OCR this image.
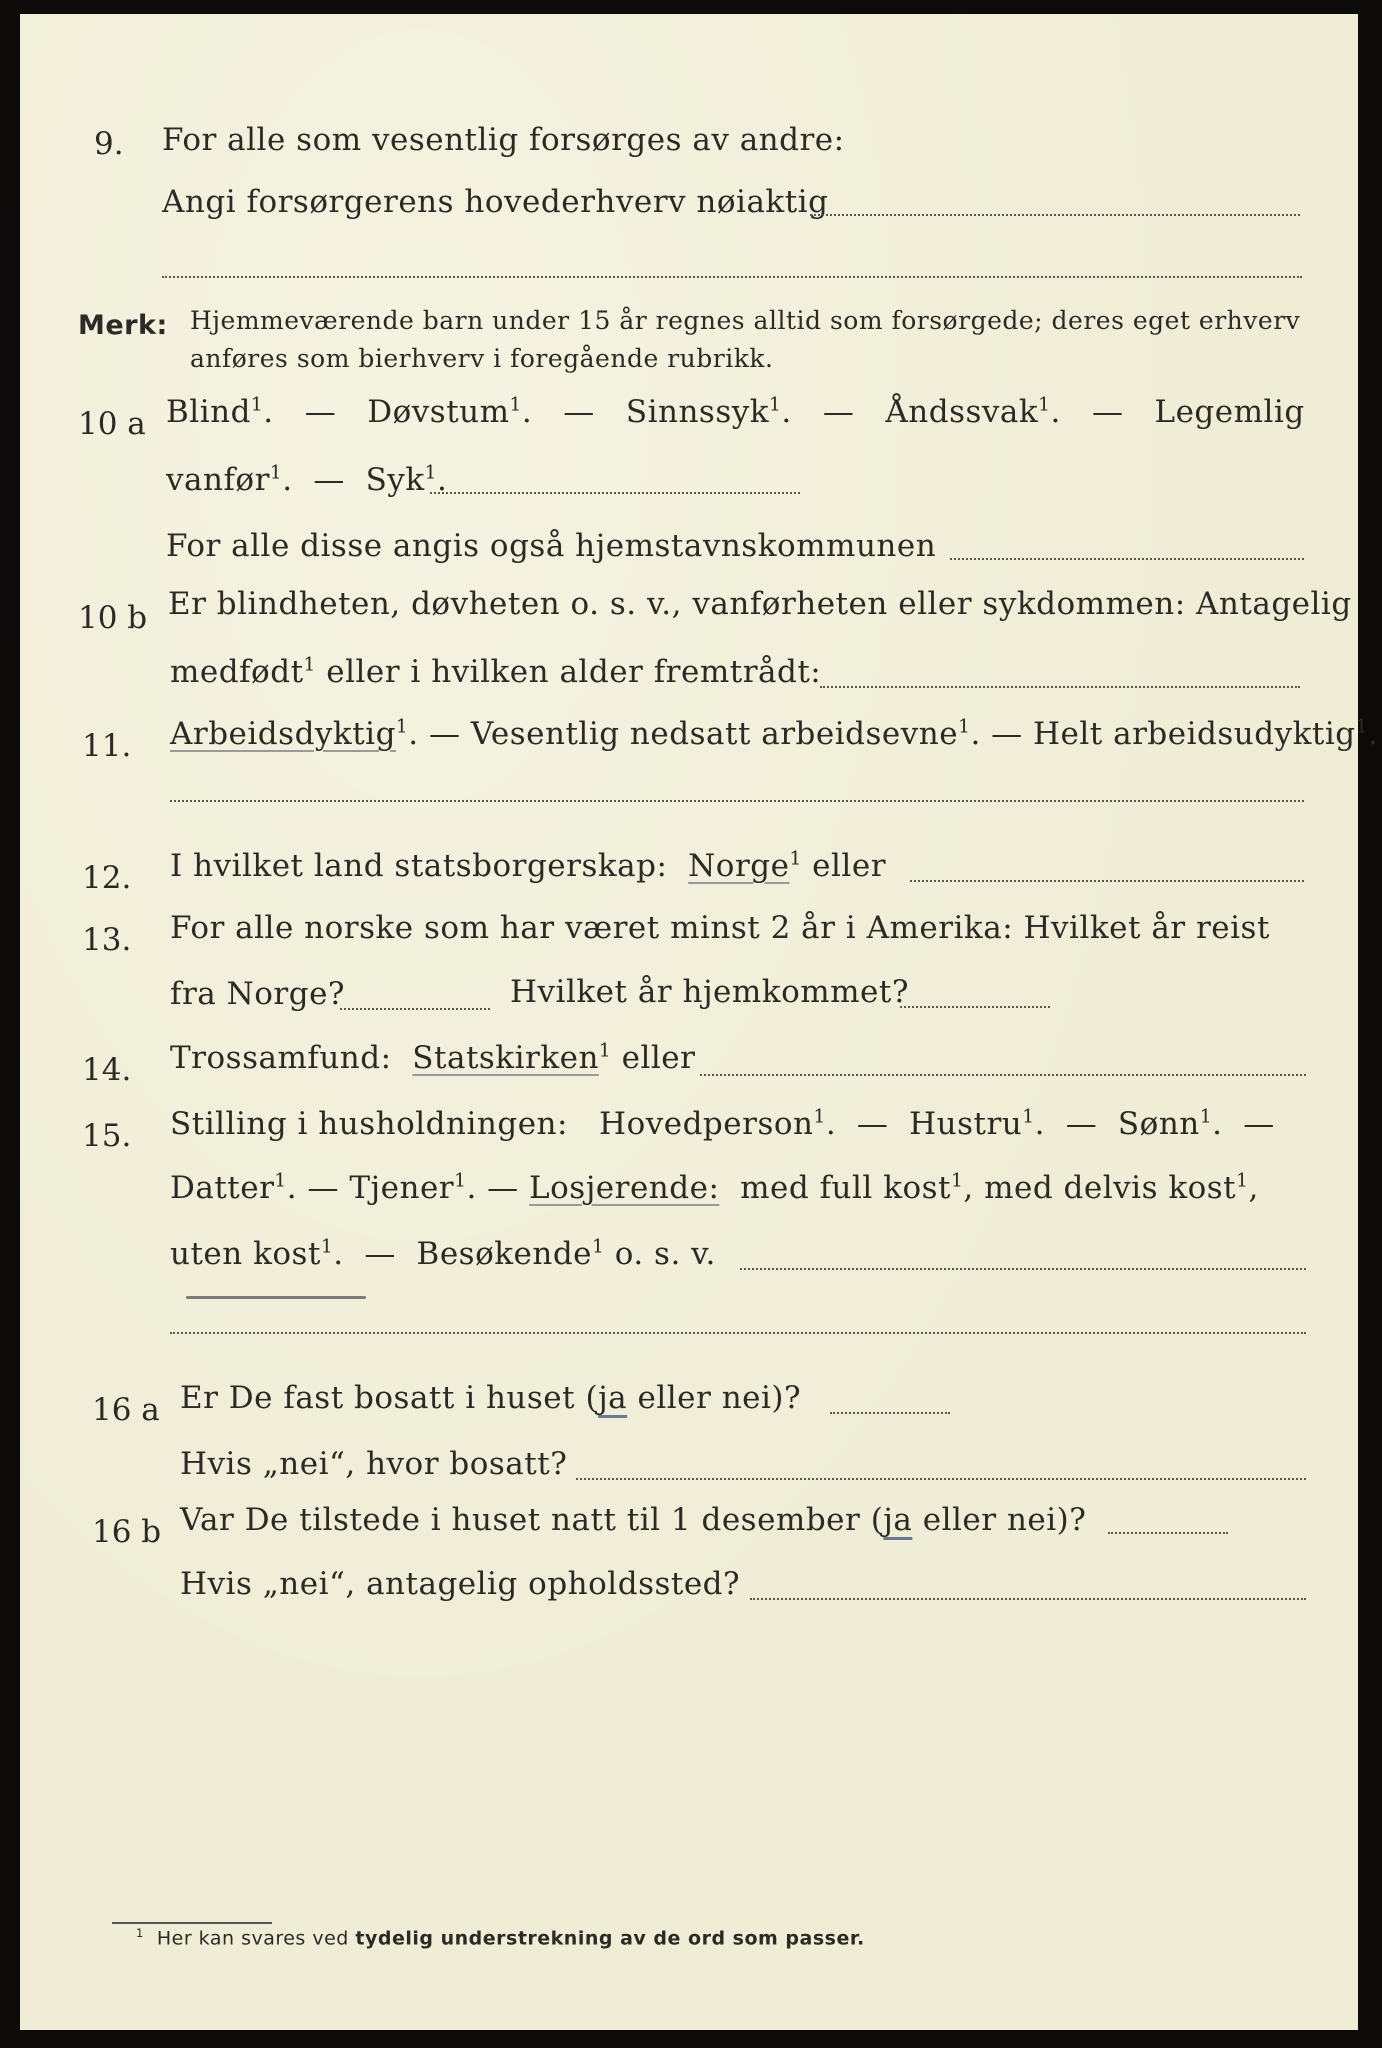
9. For alle som vesentlig forsørges av andre:
Angi forsørgerens hovederhverv nøiaktig
Merk: Hjemmeværende barn under 15 år regnes alltid som forsørgede; deres eget erhverv
anføres som bierhverv i foregående rubrikk.
10 a Blind$^1$. — Døvstum$^1$. — Sinnssyk$^1$. — Åndssvak$^1$. — Legemlig
vanfør$^1$. — Syk$^1$.
For alle disse angis også hjemstavnskommunen
10 b Er blindheten, døvheten o. s. v., vanførheten eller sykdommen: Antagelig
medfødt$^1$ eller i hvilken alder fremtrådt:
11. Arbeidsdyktig$^1$. — Vesentlig nedsatt arbeidsevne$^1$. — Helt arbeidsudyktig$^1$.
12. I hvilket land statsborgerskap: Norge$^1$ eller
13. For alle norske som har været minst 2 år i Amerika: Hvilket år reist
fra Norge?	Hvilket år hjemkommet?
14. Trossamfund: Statskirken$^1$ eller
15. Stilling i husholdningen: Hovedperson$^1$. — Hustru$^1$. — Sønn$^1$. —
Datter$^1$. — Tjener$^1$. — Losjerende: med full kost$^1$, med delvis kost$^1$,
uten kost$^1$. — Besøkende$^1$ o. s. v.
16 a Er De fast bosatt i huset (ja eller nei)?
Hvis „nei“, hvor bosatt?
16 b Var De tilstede i huset natt til 1 desember (ja eller nei)?
Hvis „nei“, antagelig opholdssted?
$^1$ Her kan svares ved tydelig understrekning av de ord som passer.
